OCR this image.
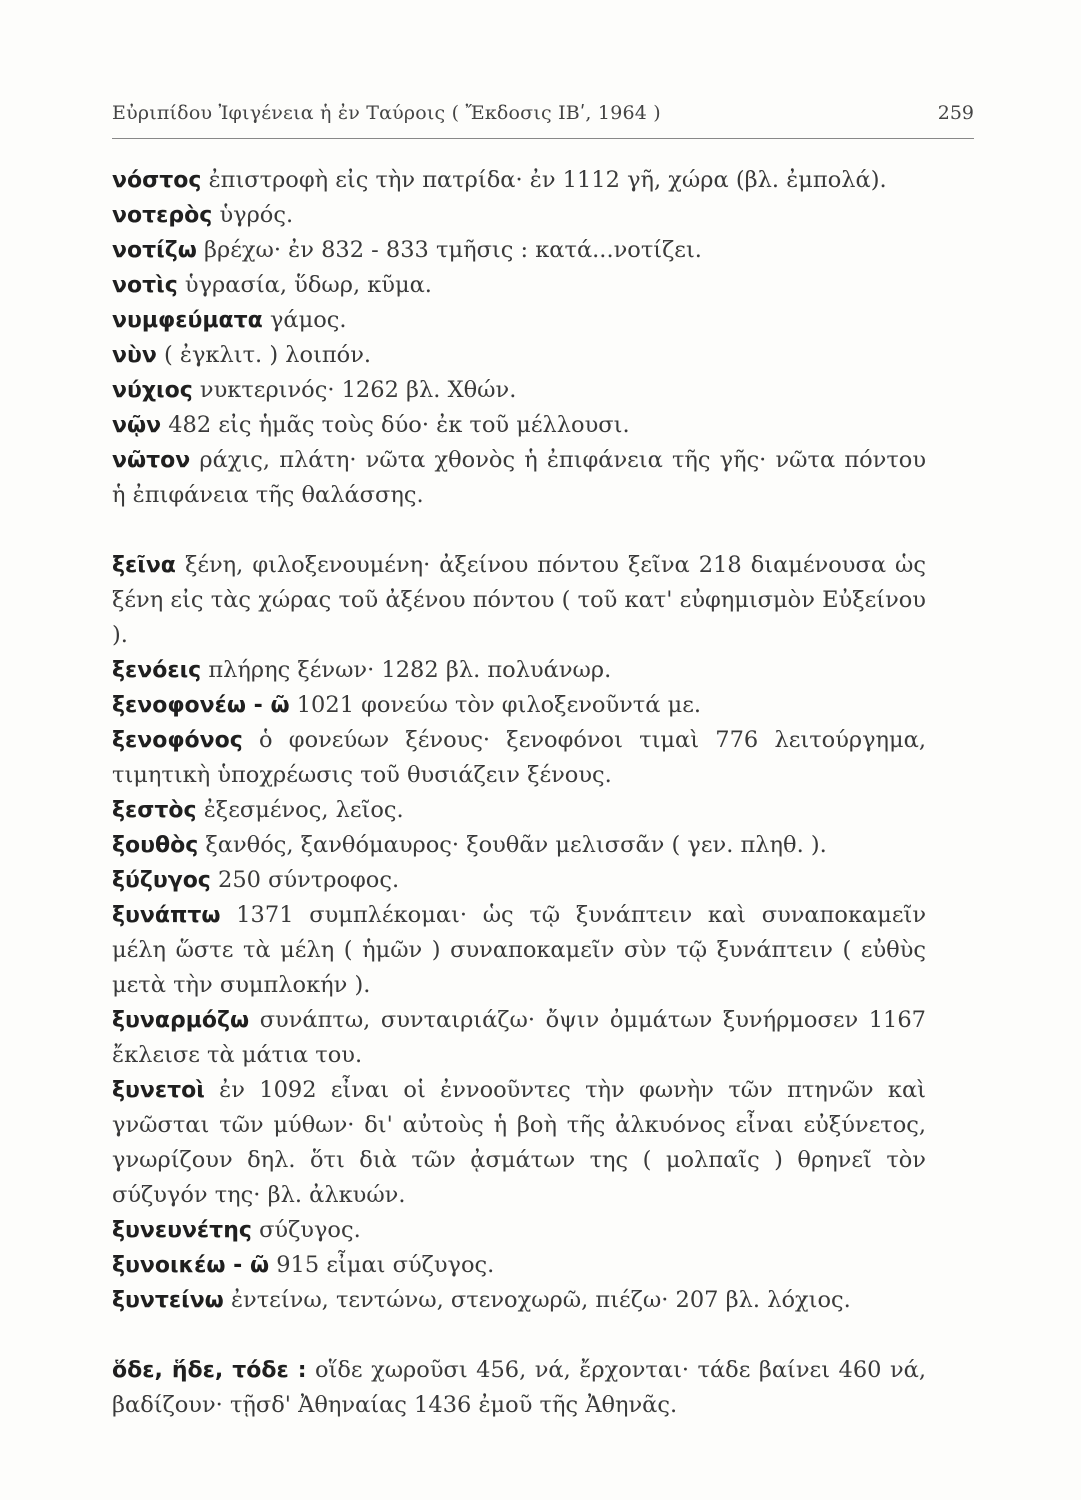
Εὐριπίδου Ἰφιγένεια ἡ ἐν Ταύροις ( Ἔκδοσις ΙΒʹ, 1964 )	259

νόστος ἐπιστροφὴ εἰς τὴν πατρίδα· ἐν 1112 γῆ, χώρα (βλ. ἐμπολά).

νοτερὸς ὑγρός.

νοτίζω βρέχω· ἐν 832 - 833 τμῆσις : κατά...νοτίζει.

νοτὶς ὑγρασία, ὕδωρ, κῦμα.

νυμφεύματα γάμος.

νὺν ( ἐγκλιτ. ) λοιπόν.

νύχιος νυκτερινός· 1262 βλ. Χθών.

νῷν 482 εἰς ἡμᾶς τοὺς δύο· ἐκ τοῦ μέλλουσι.

νῶτον ράχις, πλάτη· νῶτα χθονὸς ἡ ἐπιφάνεια τῆς γῆς· νῶτα πόντου ἡ ἐπιφάνεια τῆς θαλάσσης.

ξεῖνα ξένη, φιλοξενουμένη· ἀξείνου πόντου ξεῖνα 218 διαμένουσα ὡς ξένη εἰς τὰς χώρας τοῦ ἀξένου πόντου ( τοῦ κατ' εὐφημισμὸν Εὐξείνου ).

ξενόεις πλήρης ξένων· 1282 βλ. πολυάνωρ.

ξενοφονέω - ῶ 1021 φονεύω τὸν φιλοξενοῦντά με.

ξενοφόνος ὁ φονεύων ξένους· ξενοφόνοι τιμαὶ 776 λειτούργημα, τιμητικὴ ὑποχρέωσις τοῦ θυσιάζειν ξένους.

ξεστὸς ἐξεσμένος, λεῖος.

ξουθὸς ξανθός, ξανθόμαυρος· ξουθᾶν μελισσᾶν ( γεν. πληθ. ).

ξύζυγος 250 σύντροφος.

ξυνάπτω 1371 συμπλέκομαι· ὡς τῷ ξυνάπτειν καὶ συναποκαμεῖν μέλη ὥστε τὰ μέλη ( ἡμῶν ) συναποκαμεῖν σὺν τῷ ξυνάπτειν ( εὐθὺς μετὰ τὴν συμπλοκήν ).

ξυναρμόζω συνάπτω, συνταιριάζω· ὄψιν ὀμμάτων ξυνήρμοσεν 1167 ἔκλεισε τὰ μάτια του.

ξυνετοὶ ἐν 1092 εἶναι οἱ ἐννοοῦντες τὴν φωνὴν τῶν πτηνῶν καὶ γνῶσται τῶν μύθων· δι' αὐτοὺς ἡ βοὴ τῆς ἀλκυόνος εἶναι εὐξύνετος, γνωρίζουν δηλ. ὅτι διὰ τῶν ᾀσμάτων της ( μολπαῖς ) θρηνεῖ τὸν σύζυγόν της· βλ. ἀλκυών.

ξυνευνέτης σύζυγος.

ξυνοικέω - ῶ 915 εἶμαι σύζυγος.

ξυντείνω ἐντείνω, τεντώνω, στενοχωρῶ, πιέζω· 207 βλ. λόχιος.

ὅδε, ἥδε, τόδε : οἵδε χωροῦσι 456, νά, ἔρχονται· τάδε βαίνει 460 νά, βαδίζουν· τῇσδ' Ἀθηναίας 1436 ἐμοῦ τῆς Ἀθηνᾶς.
